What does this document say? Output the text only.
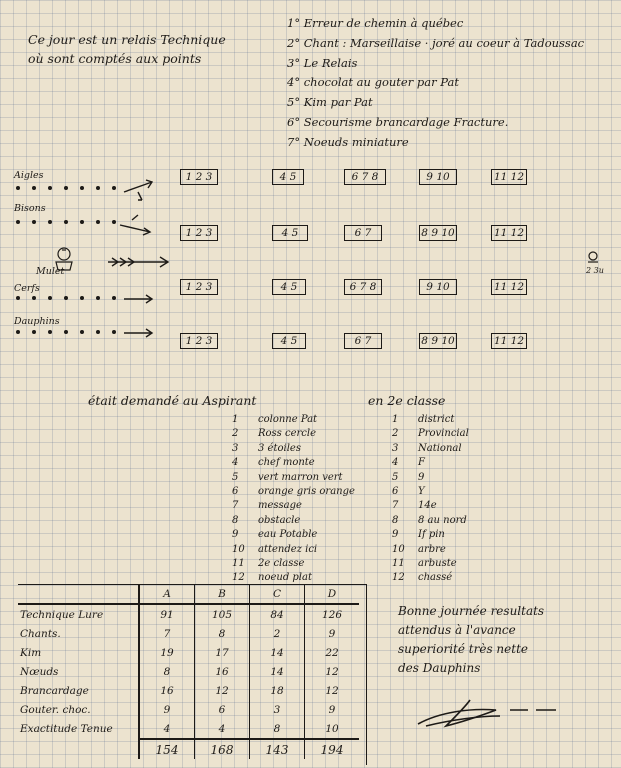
Ce jour est un relais Technique
où sont comptés aux points
1° Erreur de chemin à québec
2° Chant : Marseillaise · joré au coeur à Tadoussac
3° Le Relais
4° chocolat au gouter par Pat
5° Kim par Pat
6° Secourisme brancardage Fracture.
7° Noeuds miniature
Aigles
Bisons
Mulet
Cerfs
Dauphins
2 3u
1 2 3	4 5	6 7 8	9 10	11 12
1 2 3	4 5	6 7	8 9 10	11 12
1 2 3	4 5	6 7 8	9 10	11 12
1 2 3	4 5	6 7	8 9 10	11 12
était demandé au Aspirant	en 2e classe
1	colonne Pat
2	Ross cercle
3	3 étoiles
4	chef monte
5	vert marron vert
6	orange gris orange
7	message
8	obstacle
9	eau Potable
10	attendez ici
11	2e classe
12	noeud plat
1	district
2	Provincial
3	National
4	F
5	9
6	Y
7	14e
8	8 au nord
9	If pin
10	arbre
11	arbuste
12	chassé
	A	B	C	D
Technique Lure	91	105	84	126
Chants.	7	8	2	9
Kim	19	17	14	22
Nœuds	8	16	14	12
Brancardage	16	12	18	12
Gouter. choc.	9	6	3	9
Exactitude Tenue	4	4	8	10
	154	168	143	194
Bonne journée resultats
attendus à l'avance
superiorité très nette
des Dauphins
